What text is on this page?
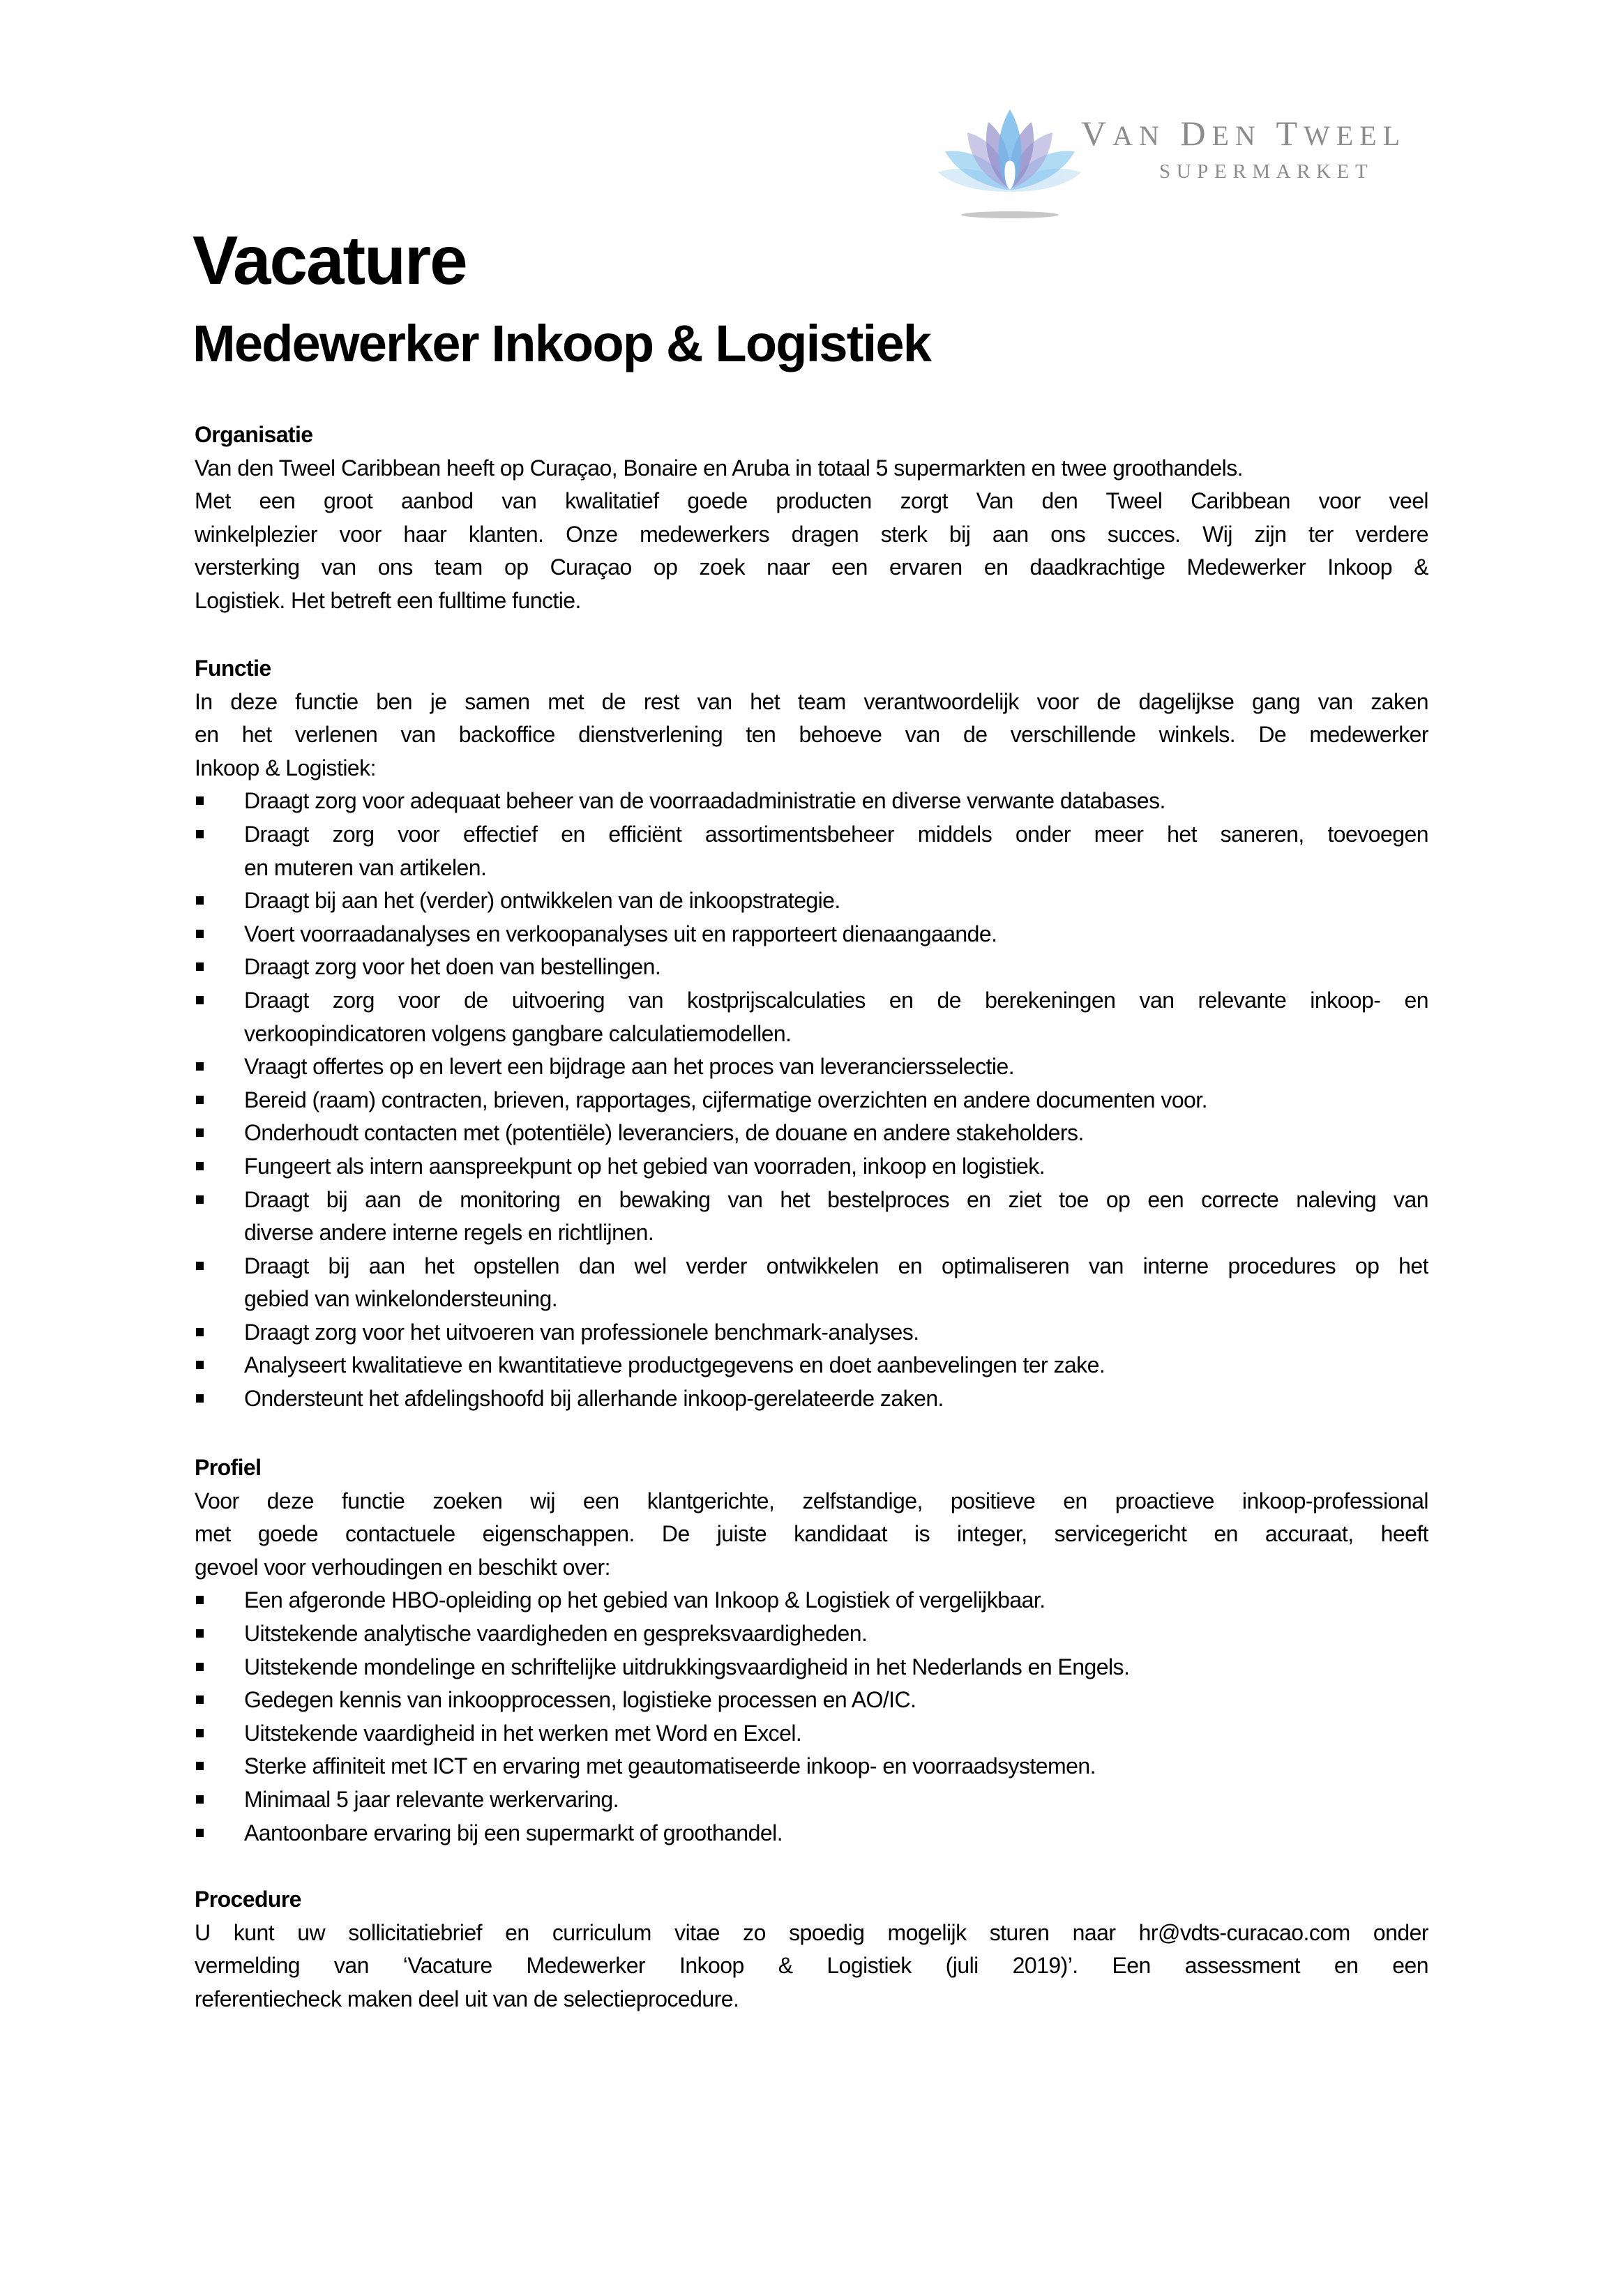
VAN DEN TWEEL
SUPERMARKET
Vacature
Medewerker Inkoop & Logistiek
Organisatie
Van den Tweel Caribbean heeft op Curaçao, Bonaire en Aruba in totaal 5 supermarkten en twee groothandels.
Met een groot aanbod van kwalitatief goede producten zorgt Van den Tweel Caribbean voor veel
winkelplezier voor haar klanten. Onze medewerkers dragen sterk bij aan ons succes. Wij zijn ter verdere
versterking van ons team op Curaçao op zoek naar een ervaren en daadkrachtige Medewerker Inkoop &
Logistiek. Het betreft een fulltime functie.
Functie
In deze functie ben je samen met de rest van het team verantwoordelijk voor de dagelijkse gang van zaken
en het verlenen van backoffice dienstverlening ten behoeve van de verschillende winkels. De medewerker
Inkoop & Logistiek:
Draagt zorg voor adequaat beheer van de voorraadadministratie en diverse verwante databases.
Draagt zorg voor effectief en efficiënt assortimentsbeheer middels onder meer het saneren, toevoegen
en muteren van artikelen.
Draagt bij aan het (verder) ontwikkelen van de inkoopstrategie.
Voert voorraadanalyses en verkoopanalyses uit en rapporteert dienaangaande.
Draagt zorg voor het doen van bestellingen.
Draagt zorg voor de uitvoering van kostprijscalculaties en de berekeningen van relevante inkoop- en
verkoopindicatoren volgens gangbare calculatiemodellen.
Vraagt offertes op en levert een bijdrage aan het proces van leveranciersselectie.
Bereid (raam) contracten, brieven, rapportages, cijfermatige overzichten en andere documenten voor.
Onderhoudt contacten met (potentiële) leveranciers, de douane en andere stakeholders.
Fungeert als intern aanspreekpunt op het gebied van voorraden, inkoop en logistiek.
Draagt bij aan de monitoring en bewaking van het bestelproces en ziet toe op een correcte naleving van
diverse andere interne regels en richtlijnen.
Draagt bij aan het opstellen dan wel verder ontwikkelen en optimaliseren van interne procedures op het
gebied van winkelondersteuning.
Draagt zorg voor het uitvoeren van professionele benchmark-analyses.
Analyseert kwalitatieve en kwantitatieve productgegevens en doet aanbevelingen ter zake.
Ondersteunt het afdelingshoofd bij allerhande inkoop-gerelateerde zaken.
Profiel
Voor deze functie zoeken wij een klantgerichte, zelfstandige, positieve en proactieve inkoop-professional
met goede contactuele eigenschappen. De juiste kandidaat is integer, servicegericht en accuraat, heeft
gevoel voor verhoudingen en beschikt over:
Een afgeronde HBO-opleiding op het gebied van Inkoop & Logistiek of vergelijkbaar.
Uitstekende analytische vaardigheden en gespreksvaardigheden.
Uitstekende mondelinge en schriftelijke uitdrukkingsvaardigheid in het Nederlands en Engels.
Gedegen kennis van inkoopprocessen, logistieke processen en AO/IC.
Uitstekende vaardigheid in het werken met Word en Excel.
Sterke affiniteit met ICT en ervaring met geautomatiseerde inkoop- en voorraadsystemen.
Minimaal 5 jaar relevante werkervaring.
Aantoonbare ervaring bij een supermarkt of groothandel.
Procedure
U kunt uw sollicitatiebrief en curriculum vitae zo spoedig mogelijk sturen naar hr@vdts-curacao.com onder
vermelding van ‘Vacature Medewerker Inkoop & Logistiek (juli 2019)’. Een assessment en een
referentiecheck maken deel uit van de selectieprocedure.
